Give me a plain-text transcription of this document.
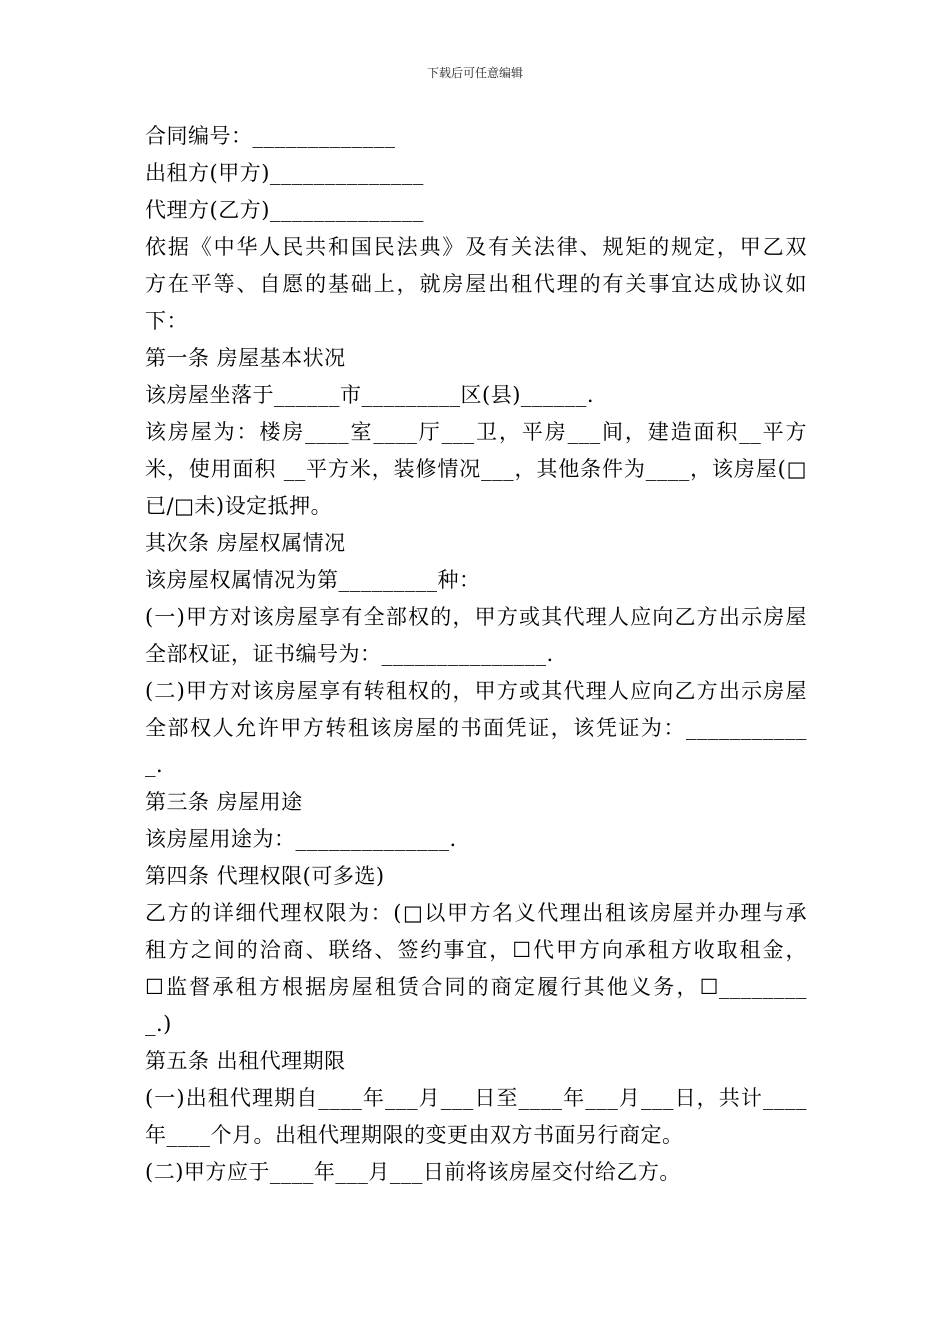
下载后可任意编辑
合同编号：_____________
出租方(甲方)______________
代理方(乙方)______________
依据《中华人民共和国民法典》及有关法律、规矩的规定，甲乙双
方在平等、自愿的基础上，就房屋出租代理的有关事宜达成协议如
下：
第一条 房屋基本状况
该房屋坐落于______市_________区(县)______.
该房屋为：楼房____室____厅___卫，平房___间，建造面积__平方
米，使用面积 __平方米，装修情况___，其他条件为____，该房屋(□
已/□未)设定抵押。
其次条 房屋权属情况
该房屋权属情况为第_________种：
(一)甲方对该房屋享有全部权的，甲方或其代理人应向乙方出示房屋
全部权证，证书编号为：_______________.
(二)甲方对该房屋享有转租权的，甲方或其代理人应向乙方出示房屋
全部权人允许甲方转租该房屋的书面凭证，该凭证为：___________
_.
第三条 房屋用途
该房屋用途为：______________.
第四条 代理权限(可多选)
乙方的详细代理权限为：(□以甲方名义代理出租该房屋并办理与承
租方之间的洽商、联络、签约事宜，☐代甲方向承租方收取租金，
☐监督承租方根据房屋租赁合同的商定履行其他义务，☐________
_.)
第五条 出租代理期限
(一)出租代理期自____年___月___日至____年___月___日，共计____
年____个月。出租代理期限的变更由双方书面另行商定。
(二)甲方应于____年___月___日前将该房屋交付给乙方。
